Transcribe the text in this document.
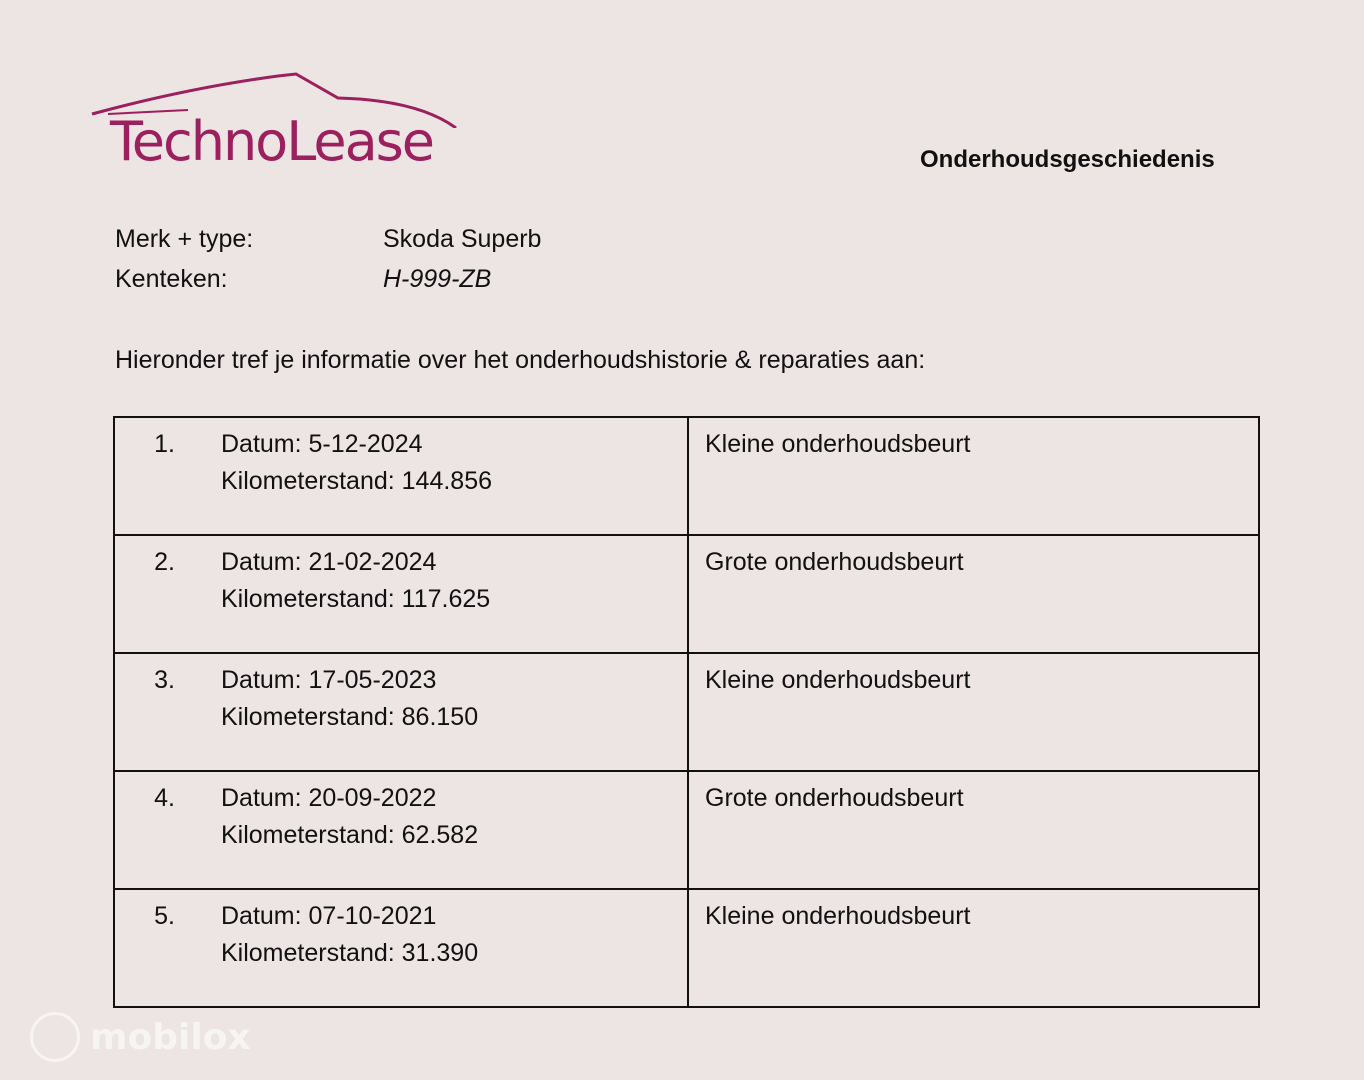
TechnoLease	Onderhoudsgeschiedenis
Merk + type:	Skoda Superb
Kenteken:	H-999-ZB
Hieronder tref je informatie over het onderhoudshistorie & reparaties aan:
1. Datum: 5-12-2024
Kilometerstand: 144.856	Kleine onderhoudsbeurt
2. Datum: 21-02-2024
Kilometerstand: 117.625	Grote onderhoudsbeurt
3. Datum: 17-05-2023
Kilometerstand: 86.150	Kleine onderhoudsbeurt
4. Datum: 20-09-2022
Kilometerstand: 62.582	Grote onderhoudsbeurt
5. Datum: 07-10-2021
Kilometerstand: 31.390	Kleine onderhoudsbeurt
mobilox
